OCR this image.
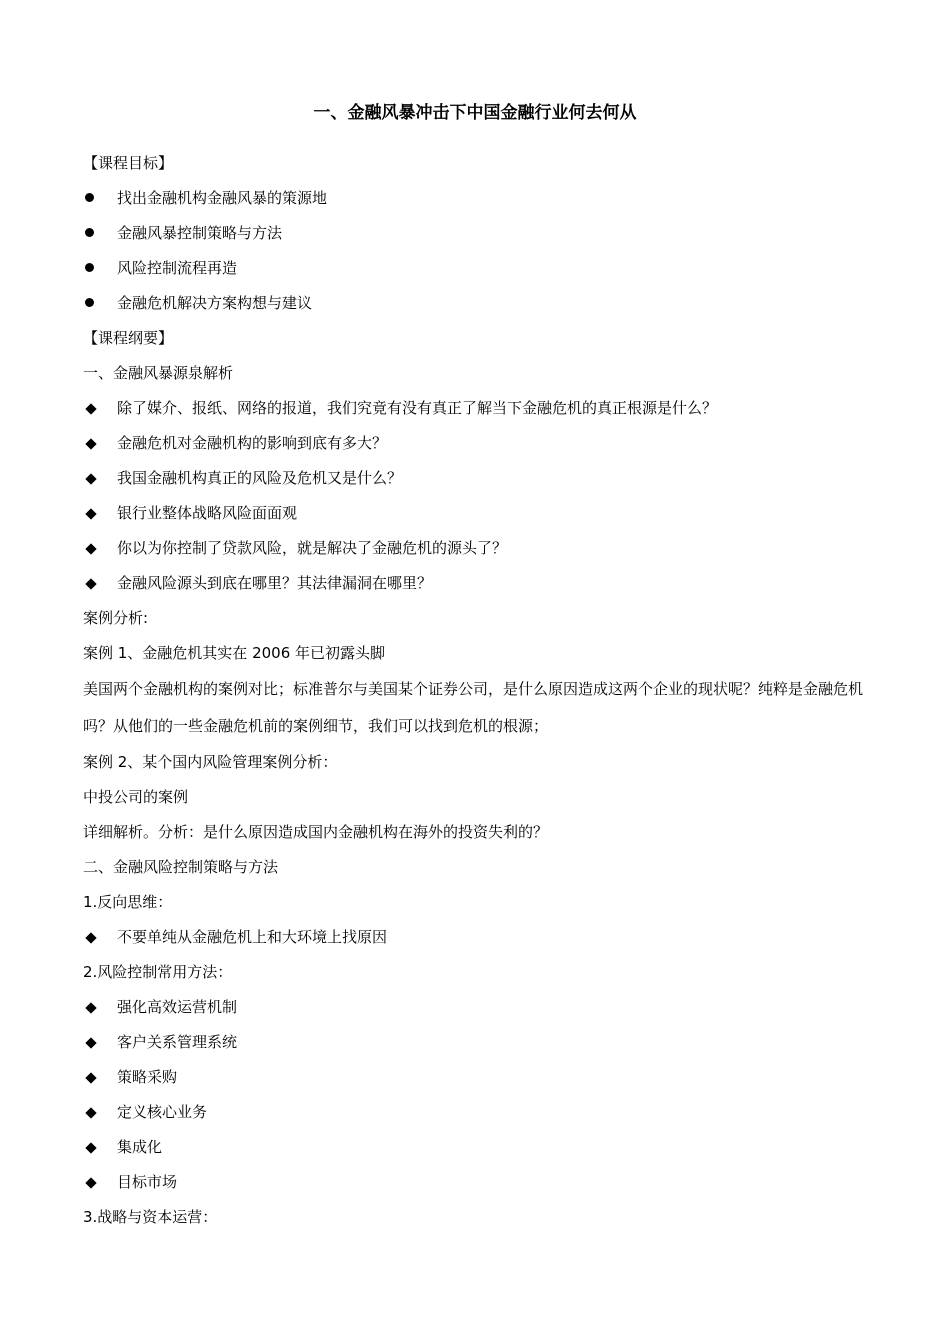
一、金融风暴冲击下中国金融行业何去何从

【课程目标】

找出金融机构金融风暴的策源地
金融风暴控制策略与方法
风险控制流程再造
金融危机解决方案构想与建议

【课程纲要】

一、金融风暴源泉解析

除了媒介、报纸、网络的报道，我们究竟有没有真正了解当下金融危机的真正根源是什么？
金融危机对金融机构的影响到底有多大？
我国金融机构真正的风险及危机又是什么？
银行业整体战略风险面面观
你以为你控制了贷款风险，就是解决了金融危机的源头了？
金融风险源头到底在哪里？其法律漏洞在哪里？

案例分析:

案例 1、金融危机其实在 2006 年已初露头脚

美国两个金融机构的案例对比；标准普尔与美国某个证券公司，是什么原因造成这两个企业的现状呢？纯粹是金融危机吗？从他们的一些金融危机前的案例细节，我们可以找到危机的根源；

案例 2、某个国内风险管理案例分析：

中投公司的案例

详细解析。分析：是什么原因造成国内金融机构在海外的投资失利的？

二、金融风险控制策略与方法

1.反向思维：

不要单纯从金融危机上和大环境上找原因

2.风险控制常用方法：

强化高效运营机制
客户关系管理系统
策略采购
定义核心业务
集成化
目标市场

3.战略与资本运营：
